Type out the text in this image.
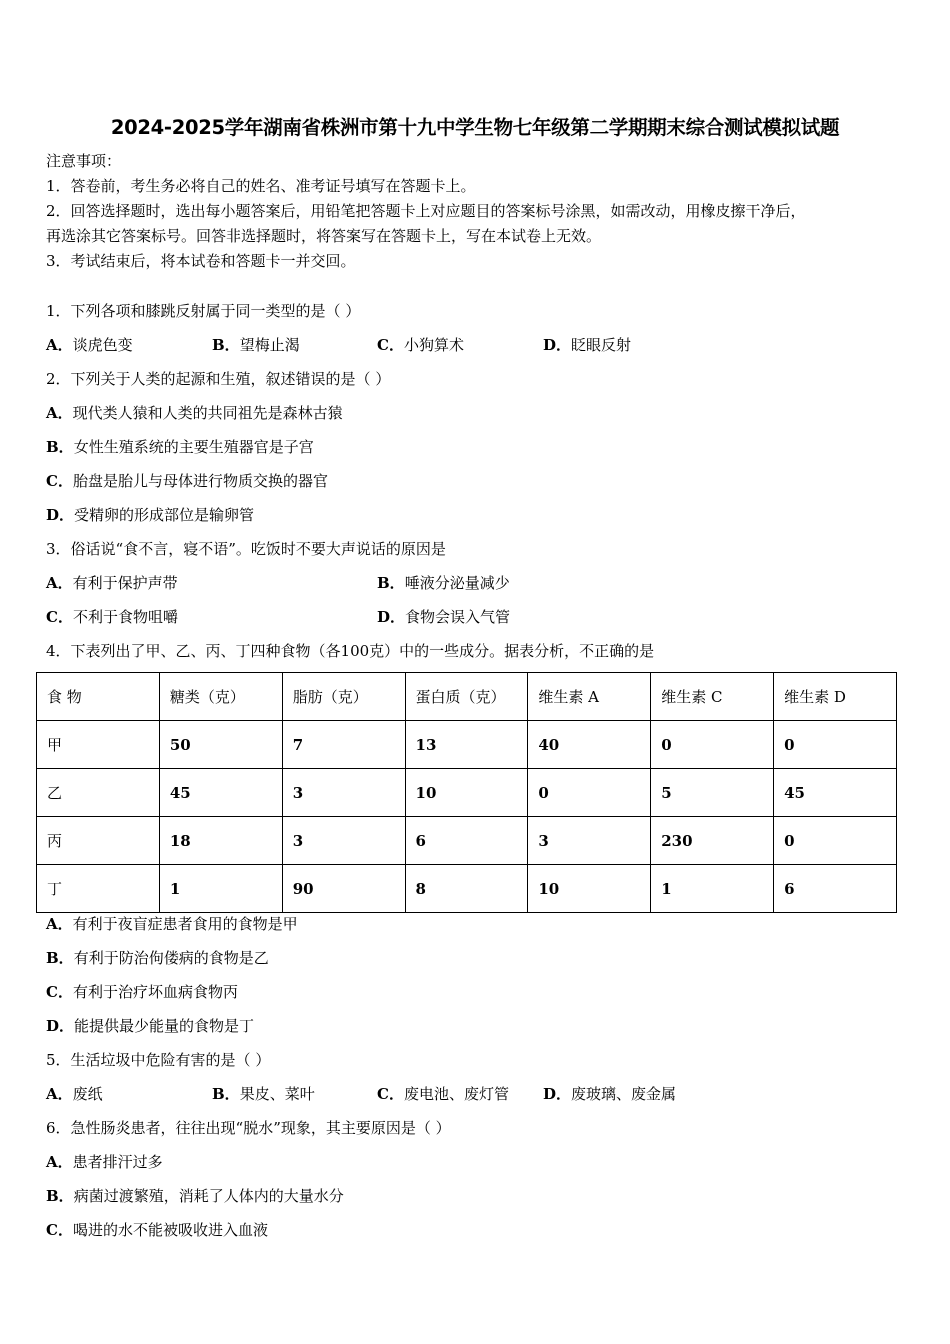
2024-2025学年湖南省株洲市第十九中学生物七年级第二学期期末综合测试模拟试题
注意事项：
1．答卷前，考生务必将自己的姓名、准考证号填写在答题卡上。
2．回答选择题时，选出每小题答案后，用铅笔把答题卡上对应题目的答案标号涂黑，如需改动，用橡皮擦干净后，
再选涂其它答案标号。回答非选择题时，将答案写在答题卡上，写在本试卷上无效。
3．考试结束后，将本试卷和答题卡一并交回。
1．下列各项和膝跳反射属于同一类型的是（ ）
A．谈虎色变	B．望梅止渴	C．小狗算术	D．眨眼反射
2．下列关于人类的起源和生殖，叙述错误的是（ ）
A．现代类人猿和人类的共同祖先是森林古猿
B．女性生殖系统的主要生殖器官是子宫
C．胎盘是胎儿与母体进行物质交换的器官
D．受精卵的形成部位是输卵管
3．俗话说“食不言，寝不语”。吃饭时不要大声说话的原因是
A．有利于保护声带	B．唾液分泌量减少
C．不利于食物咀嚼	D．食物会误入气管
4．下表列出了甲、乙、丙、丁四种食物（各100克）中的一些成分。据表分析，不正确的是
食 物	糖类（克）	脂肪（克）	蛋白质（克）	维生素 A	维生素 C	维生素 D
甲	50	7	13	40	0	0
乙	45	3	10	0	5	45
丙	18	3	6	3	230	0
丁	1	90	8	10	1	6
A．有利于夜盲症患者食用的食物是甲
B．有利于防治佝偻病的食物是乙
C．有利于治疗坏血病食物丙
D．能提供最少能量的食物是丁
5．生活垃圾中危险有害的是（ ）
A．废纸	B．果皮、菜叶	C．废电池、废灯管 D．废玻璃、废金属
6．急性肠炎患者，往往出现“脱水”现象，其主要原因是（ ）
A．患者排汗过多
B．病菌过渡繁殖，消耗了人体内的大量水分
C．喝进的水不能被吸收进入血液
